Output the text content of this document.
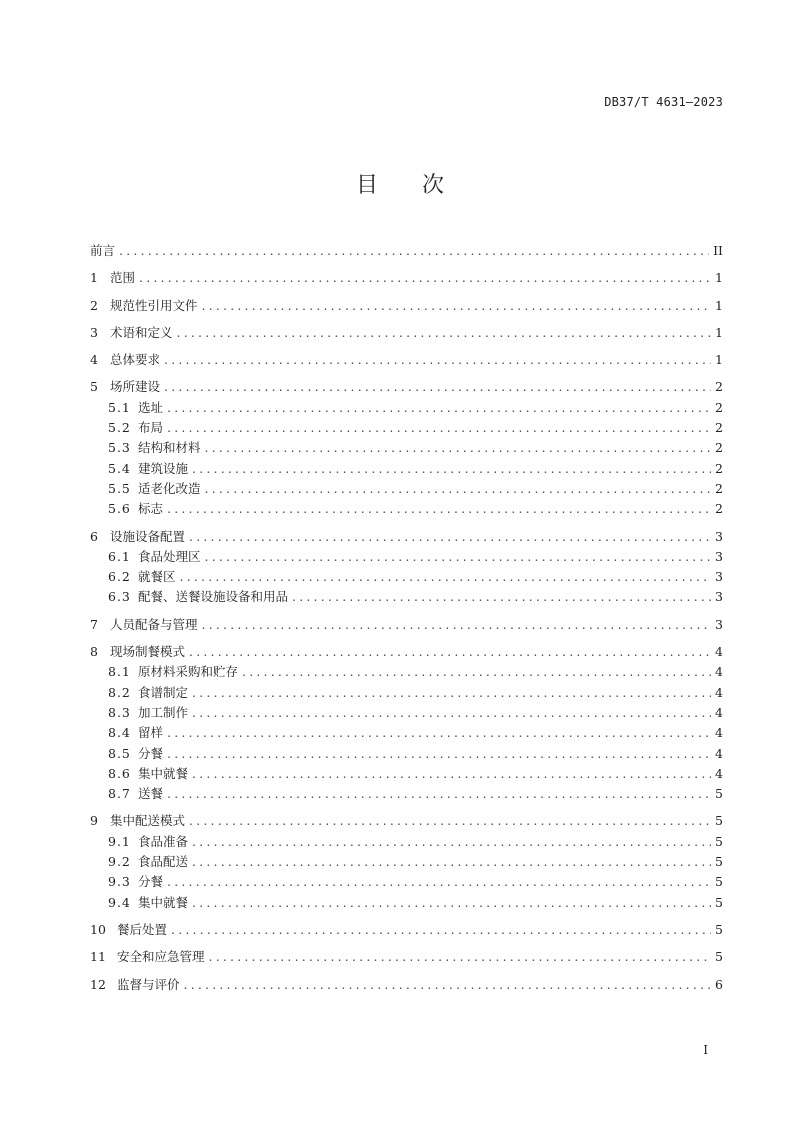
DB37/T 4631—2023
目 次
前言 .....	II
1 范围 .....	1
2 规范性引用文件 .....	1
3 术语和定义 .....	1
4 总体要求 .....	1
5 场所建设 .....	2
5.1 选址 .....	2
5.2 布局 .....	2
5.3 结构和材料 .....	2
5.4 建筑设施 .....	2
5.5 适老化改造 .....	2
5.6 标志 .....	2
6 设施设备配置 .....	3
6.1 食品处理区 .....	3
6.2 就餐区 .....	3
6.3 配餐、送餐设施设备和用品 .....	3
7 人员配备与管理 .....	3
8 现场制餐模式 .....	4
8.1 原材料采购和贮存 .....	4
8.2 食谱制定 .....	4
8.3 加工制作 .....	4
8.4 留样 .....	4
8.5 分餐 .....	4
8.6 集中就餐 .....	4
8.7 送餐 .....	5
9 集中配送模式 .....	5
9.1 食品准备 .....	5
9.2 食品配送 .....	5
9.3 分餐 .....	5
9.4 集中就餐 .....	5
10 餐后处置 .....	5
11 安全和应急管理 .....	5
12 监督与评价 .....	6
I
